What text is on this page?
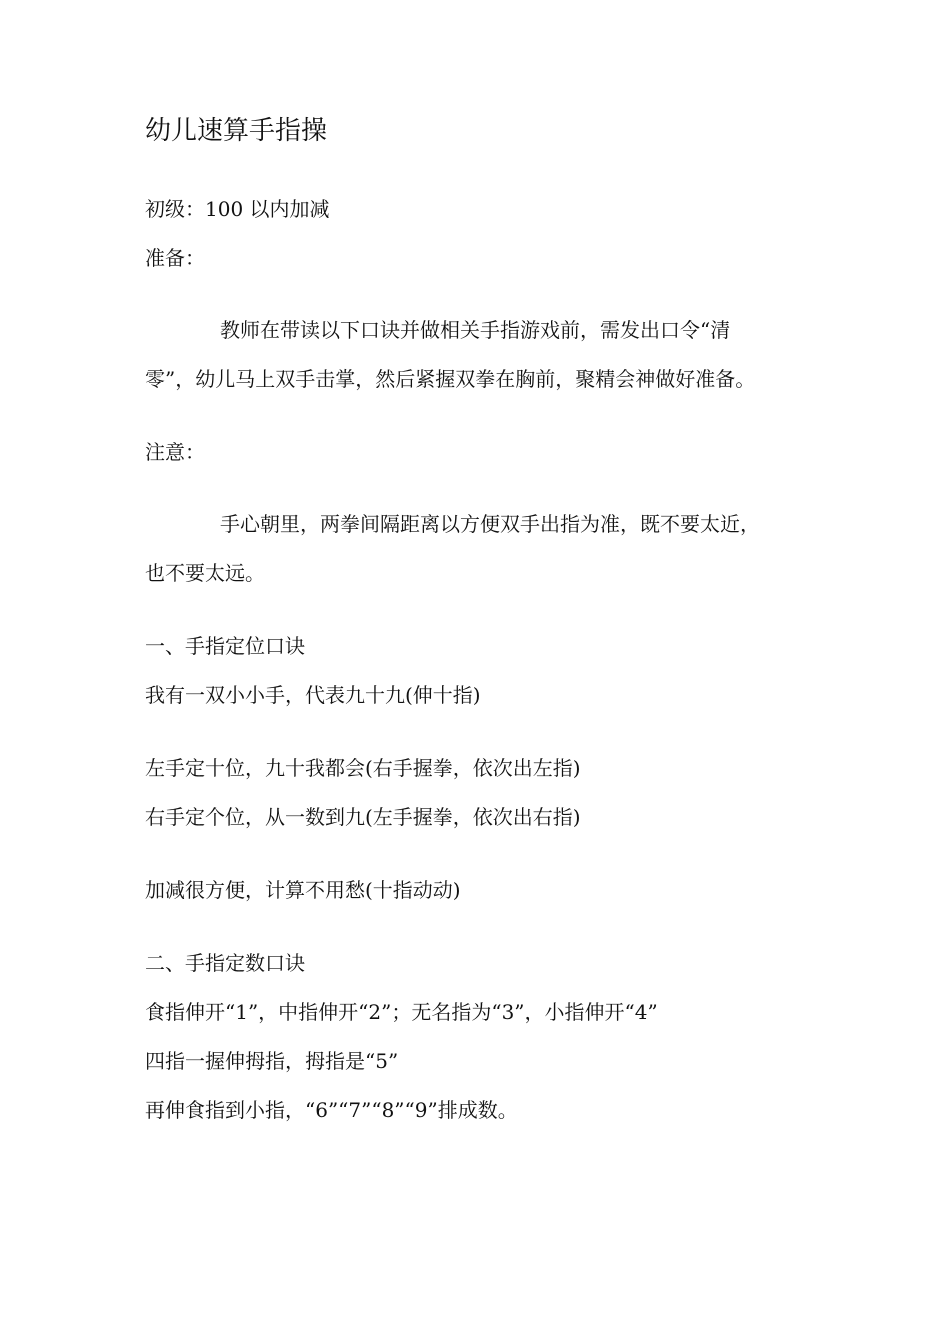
幼儿速算手指操
初级：100 以内加减
准备：
教师在带读以下口诀并做相关手指游戏前，需发出口令“清
零”，幼儿马上双手击掌，然后紧握双拳在胸前，聚精会神做好准备。
注意：
手心朝里，两拳间隔距离以方便双手出指为准，既不要太近，
也不要太远。
一、手指定位口诀
我有一双小小手，代表九十九(伸十指)
左手定十位，九十我都会(右手握拳，依次出左指)
右手定个位，从一数到九(左手握拳，依次出右指)
加减很方便，计算不用愁(十指动动)
二、手指定数口诀
食指伸开“1”，中指伸开“2”；无名指为“3”，小指伸开“4”
四指一握伸拇指，拇指是“5”
再伸食指到小指，“6”“7”“8”“9”排成数。
